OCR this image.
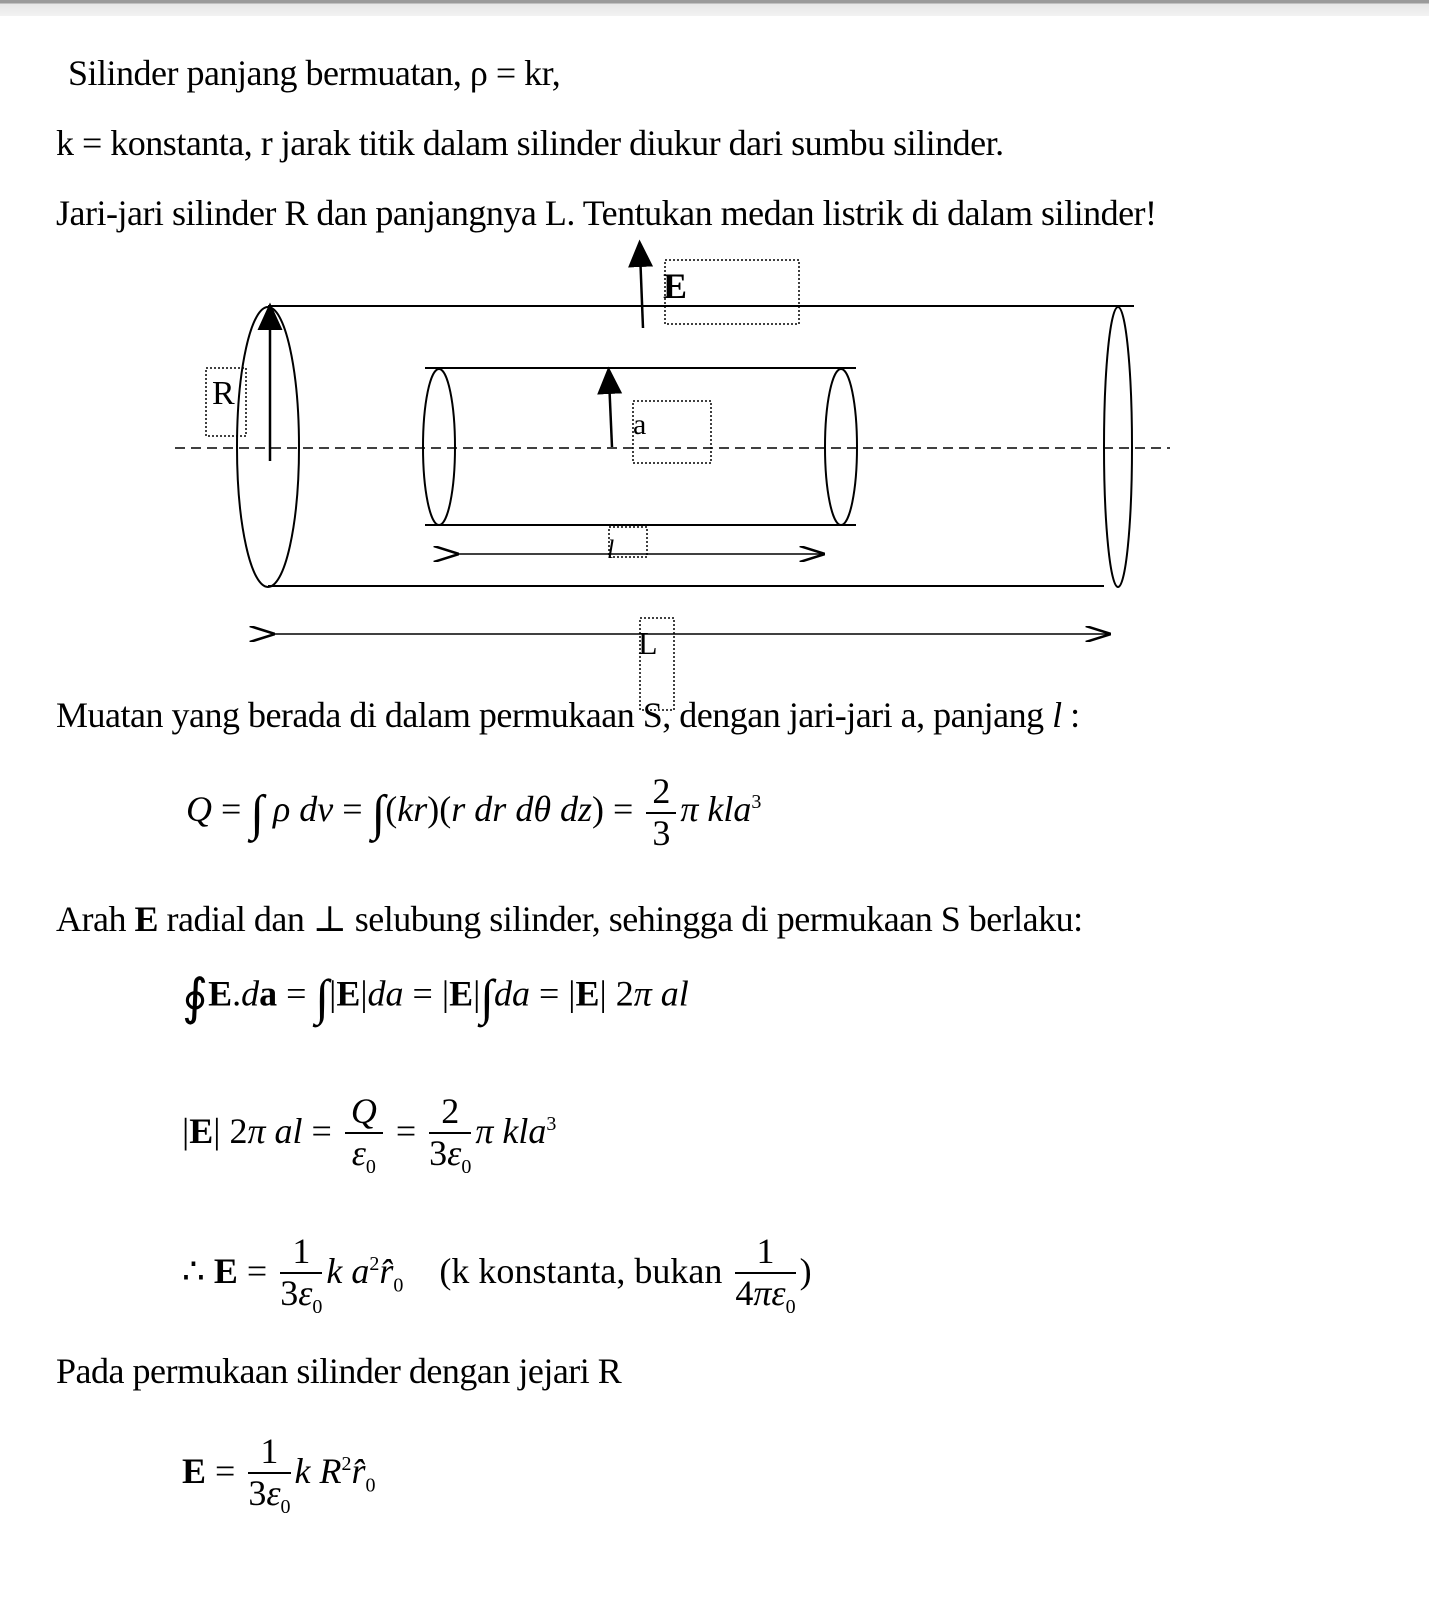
Silinder panjang bermuatan, ρ = kr,
k = konstanta, r jarak titik dalam silinder diukur dari sumbu silinder.
Jari-jari silinder R dan panjangnya L. Tentukan medan listrik di dalam silinder!
E
R
a
l
L
Muatan yang berada di dalam permukaan S, dengan jari-jari a, panjang l :
Q = ∫ ρ dv = ∫(kr)(r dr dθ $dz) = \frac{2}{3}$ π kla$^3$
Arah E radial dan ⊥ selubung silinder, sehingga di permukaan S berlaku:
∮E.da = ∫|E|da = |E|∫da = |E| 2π al
|E| 2π al = $\frac{Q}{\varepsilon_0} = \frac{2}{3\varepsilon_0}$ π kla$^3$
∴ $E = \frac{1}{3\varepsilon_0}$ k $a^2r̂_0$ (k konstanta, bukan $\frac{1}{4\pi\varepsilon_0}$ )
Pada permukaan silinder dengan jejari R
$E = \frac{1}{3\varepsilon_0}$ k $R^2r̂_0$
